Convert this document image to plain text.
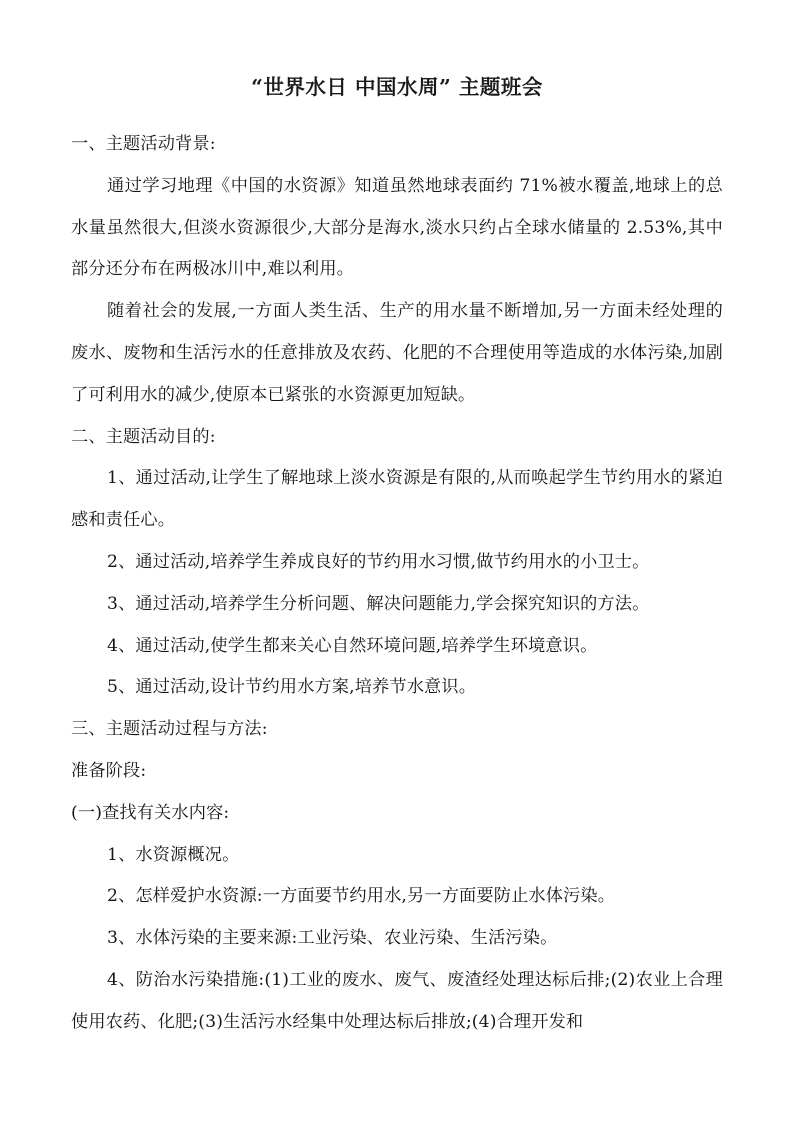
“世界水日 中国水周” 主题班会

一、主题活动背景:

通过学习地理《中国的水资源》知道虽然地球表面约 71%被水覆盖,地球上的总水量虽然很大,但淡水资源很少,大部分是海水,淡水只约占全球水储量的 2.53%,其中部分还分布在两极冰川中,难以利用。

随着社会的发展,一方面人类生活、生产的用水量不断增加,另一方面未经处理的废水、废物和生活污水的任意排放及农药、化肥的不合理使用等造成的水体污染,加剧了可利用水的减少,使原本已紧张的水资源更加短缺。

二、主题活动目的:

1、通过活动,让学生了解地球上淡水资源是有限的,从而唤起学生节约用水的紧迫感和责任心。

2、通过活动,培养学生养成良好的节约用水习惯,做节约用水的小卫士。

3、通过活动,培养学生分析问题、解决问题能力,学会探究知识的方法。

4、通过活动,使学生都来关心自然环境问题,培养学生环境意识。

5、通过活动,设计节约用水方案,培养节水意识。

三、主题活动过程与方法:

准备阶段:

(一)查找有关水内容:

1、水资源概况。

2、怎样爱护水资源:一方面要节约用水,另一方面要防止水体污染。

3、水体污染的主要来源:工业污染、农业污染、生活污染。

4、防治水污染措施:(1)工业的废水、废气、废渣经处理达标后排;(2)农业上合理使用农药、化肥;(3)生活污水经集中处理达标后排放;(4)合理开发和
